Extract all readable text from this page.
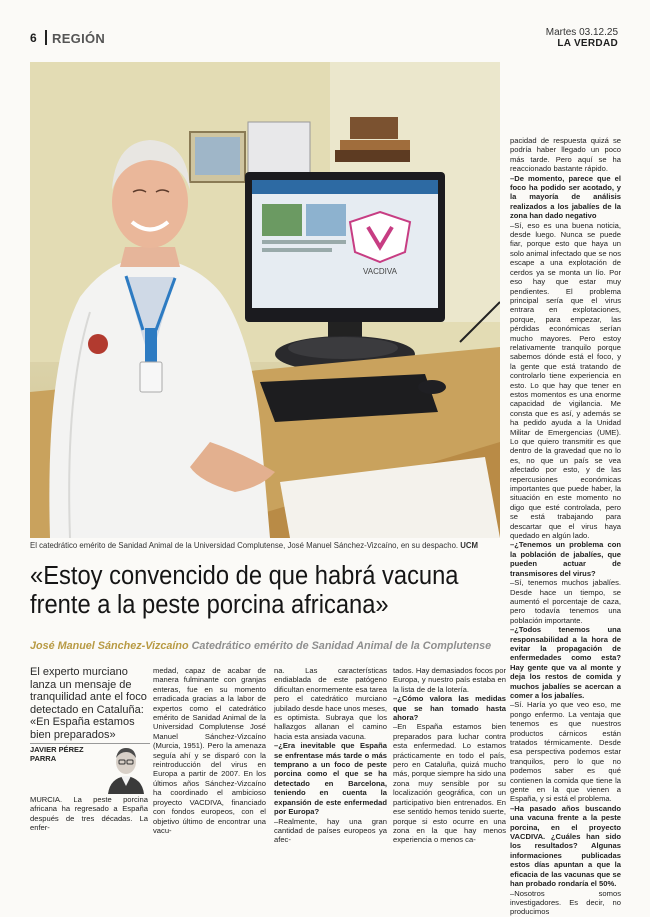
6 REGIÓN	Martes 03.12.25
LA VERDAD
VACDIVA
El catedrático emérito de Sanidad Animal de la Universidad Complutense, José Manuel Sánchez-Vizcaíno, en su despacho. UCM
«Estoy convencido de que habrá vacuna
frente a la peste porcina africana»
José Manuel Sánchez-Vizcaíno Catedrático emérito de Sanidad Animal de la Complutense
El experto murciano lanza un mensaje de tranquilidad ante el foco detectado en Cataluña: «En España estamos bien preparados»
JAVIER PÉREZ
PARRA
MURCIA. La peste porcina africana ha regresado a España después de tres décadas. La enfer-
medad, capaz de acabar de manera fulminante con granjas enteras, fue en su momento erradicada gracias a la labor de expertos como el catedrático emérito de Sanidad Animal de la Universidad Complutense José Manuel Sánchez-Vizcaíno (Murcia, 1951). Pero la amenaza seguía ahí y se disparó con la reintroducción del virus en Europa a partir de 2007. En los últimos años Sánchez-Vizcaíno ha coordinado el ambicioso proyecto VACDIVA, financiado con fondos europeos, con el objetivo último de encontrar una vacu-
na. Las características endiablada de este patógeno dificultan enormemente esa tarea pero el catedrático murciano jubilado desde hace unos meses, es optimista. Subraya que los hallazgos allanan el camino hacia esta ansiada vacuna.
–¿Era inevitable que España se enfrentase más tarde o más temprano a un foco de peste porcina como el que se ha detectado en Barcelona, teniendo en cuenta la expansión de este enfermedad por Europa?
–Realmente, hay una gran cantidad de países europeos ya afec-
tados. Hay demasiados focos por Europa, y nuestro país estaba en la lista de de la lotería.
–¿Cómo valora las medidas que se han tomado hasta ahora?
–En España estamos bien preparados para luchar contra esta enfermedad. Lo estamos prácticamente en todo el país, pero en Cataluña, quizá mucho más, porque siempre ha sido una zona muy sensible por su localización geográfica, con un participativo bien entrenados. En ese sentido hemos tenido suerte, porque si esto ocurre en una zona en la que hay menos experiencia o menos ca-
pacidad de respuesta quizá se podría haber llegado un poco más tarde. Pero aquí se ha reaccionado bastante rápido.
–De momento, parece que el foco ha podido ser acotado, y la mayoría de análisis realizados a los jabalíes de la zona han dado negativo
–Sí, eso es una buena noticia, desde luego. Nunca se puede fiar, porque esto que haya un solo animal infectado que se nos escape a una explotación de cerdos ya se monta un lío. Por eso hay que estar muy pendientes. El problema principal sería que el virus entrara en explotaciones, porque, para empezar, las pérdidas económicas serían mucho mayores. Pero estoy relativamente tranquilo porque sabemos dónde está el foco, y la gente que está tratando de controlarlo tiene experiencia en esto. Lo que hay que tener en estos momentos es una enorme capacidad de vigilancia. Me consta que es así, y además se ha pedido ayuda a la Unidad Militar de Emergencias (UME). Lo que quiero transmitir es que dentro de la gravedad que no lo es, no que un país se vea afectado por esto, y de las repercusiones económicas importantes que puede haber, la situación en este momento no digo que esté controlada, pero se está trabajando para descartar que el virus haya quedado en algún lado.
–¿Tenemos un problema con la población de jabalíes, que pueden actuar de transmisores del virus?
–Sí, tenemos muchos jabalíes. Desde hace un tiempo, se aumentó el porcentaje de caza, pero todavía tenemos una población importante.
–¿Todos tenemos una responsabilidad a la hora de evitar la propagación de enfermedades como esta? Hay gente que va al monte y deja los restos de comida y muchos jabalíes se acercan a comer a los jabalíes.
–Sí. Haría yo que veo eso, me pongo enfermo. La ventaja que tenemos es que nuestros productos cárnicos están tratados térmicamente. Desde esa perspectiva podemos estar tranquilos, pero lo que no podemos saber es qué contienen la comida que tiene la gente en la que vienen a España, y si está el problema.
–Ha pasado años buscando una vacuna frente a la peste porcina, en el proyecto VACDIVA. ¿Cuáles han sido los resultados? Algunas informaciones publicadas estos días apuntan a que la eficacia de las vacunas que se han probado rondaría el 50%.
–Nosotros somos investigadores. Es decir, no producimos
